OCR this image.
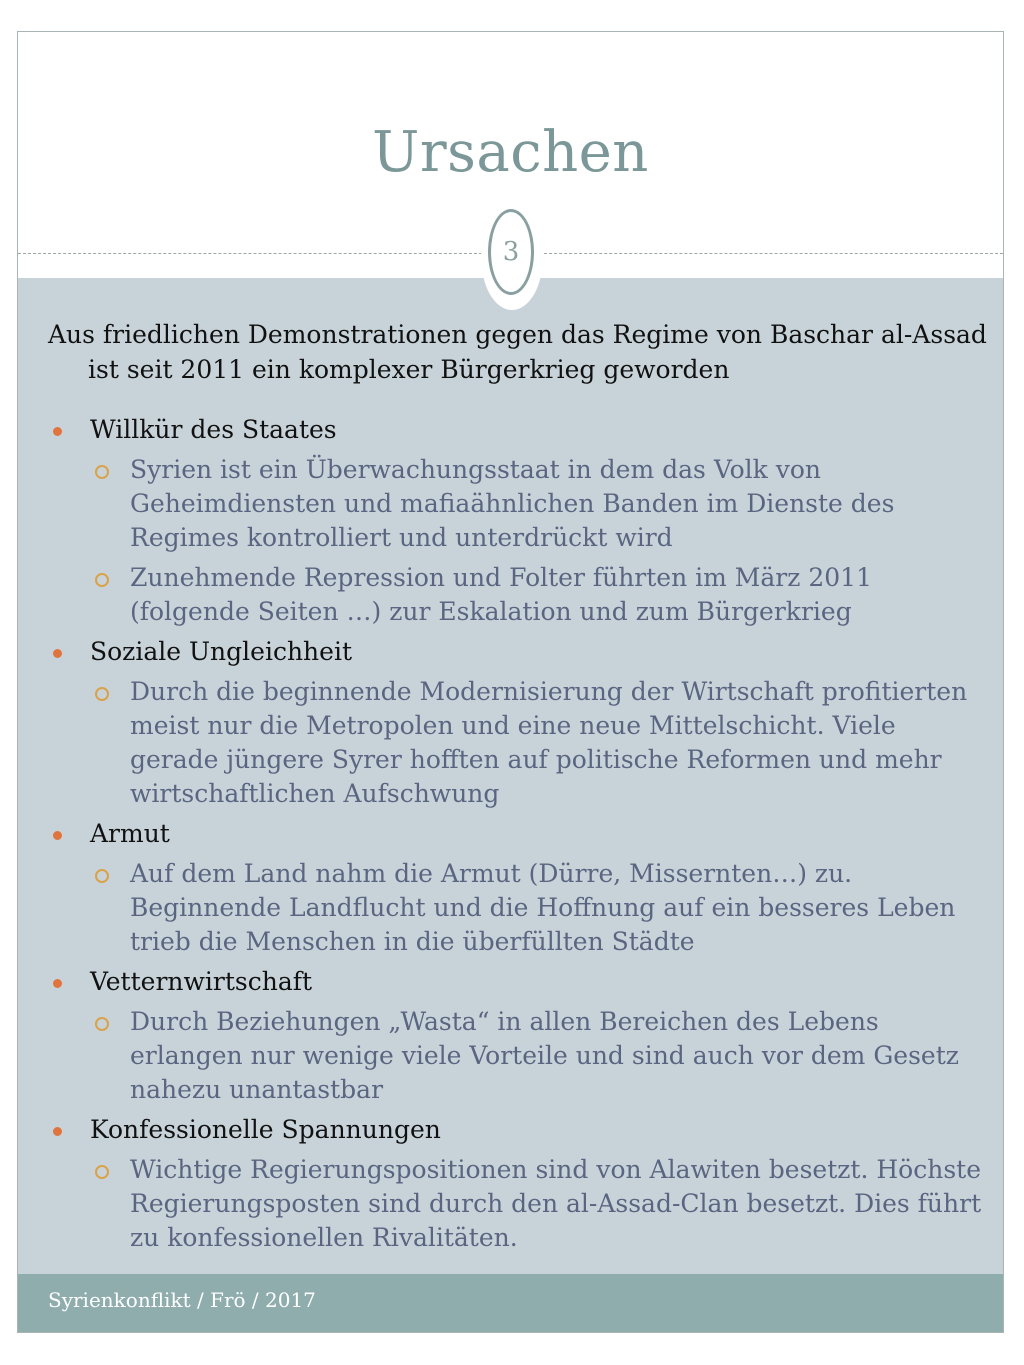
Ursachen
3

Aus friedlichen Demonstrationen gegen das Regime von Baschar al-Assad ist seit 2011 ein komplexer Bürgerkrieg geworden

Willkür des Staates
Syrien ist ein Überwachungsstaat in dem das Volk von Geheimdiensten und mafiaähnlichen Banden im Dienste des Regimes kontrolliert und unterdrückt wird
Zunehmende Repression und Folter führten im März 2011 (folgende Seiten …) zur Eskalation und zum Bürgerkrieg
Soziale Ungleichheit
Durch die beginnende Modernisierung der Wirtschaft profitierten meist nur die Metropolen und eine neue Mittelschicht. Viele gerade jüngere Syrer hofften auf politische Reformen und mehr wirtschaftlichen Aufschwung
Armut
Auf dem Land nahm die Armut (Dürre, Missernten…) zu. Beginnende Landflucht und die Hoffnung auf ein besseres Leben trieb die Menschen in die überfüllten Städte
Vetternwirtschaft
Durch Beziehungen „Wasta“ in allen Bereichen des Lebens erlangen nur wenige viele Vorteile und sind auch vor dem Gesetz nahezu unantastbar
Konfessionelle Spannungen
Wichtige Regierungspositionen sind von Alawiten besetzt. Höchste Regierungsposten sind durch den al-Assad-Clan besetzt. Dies führt zu konfessionellen Rivalitäten.
Syrienkonflikt / Frö / 2017
